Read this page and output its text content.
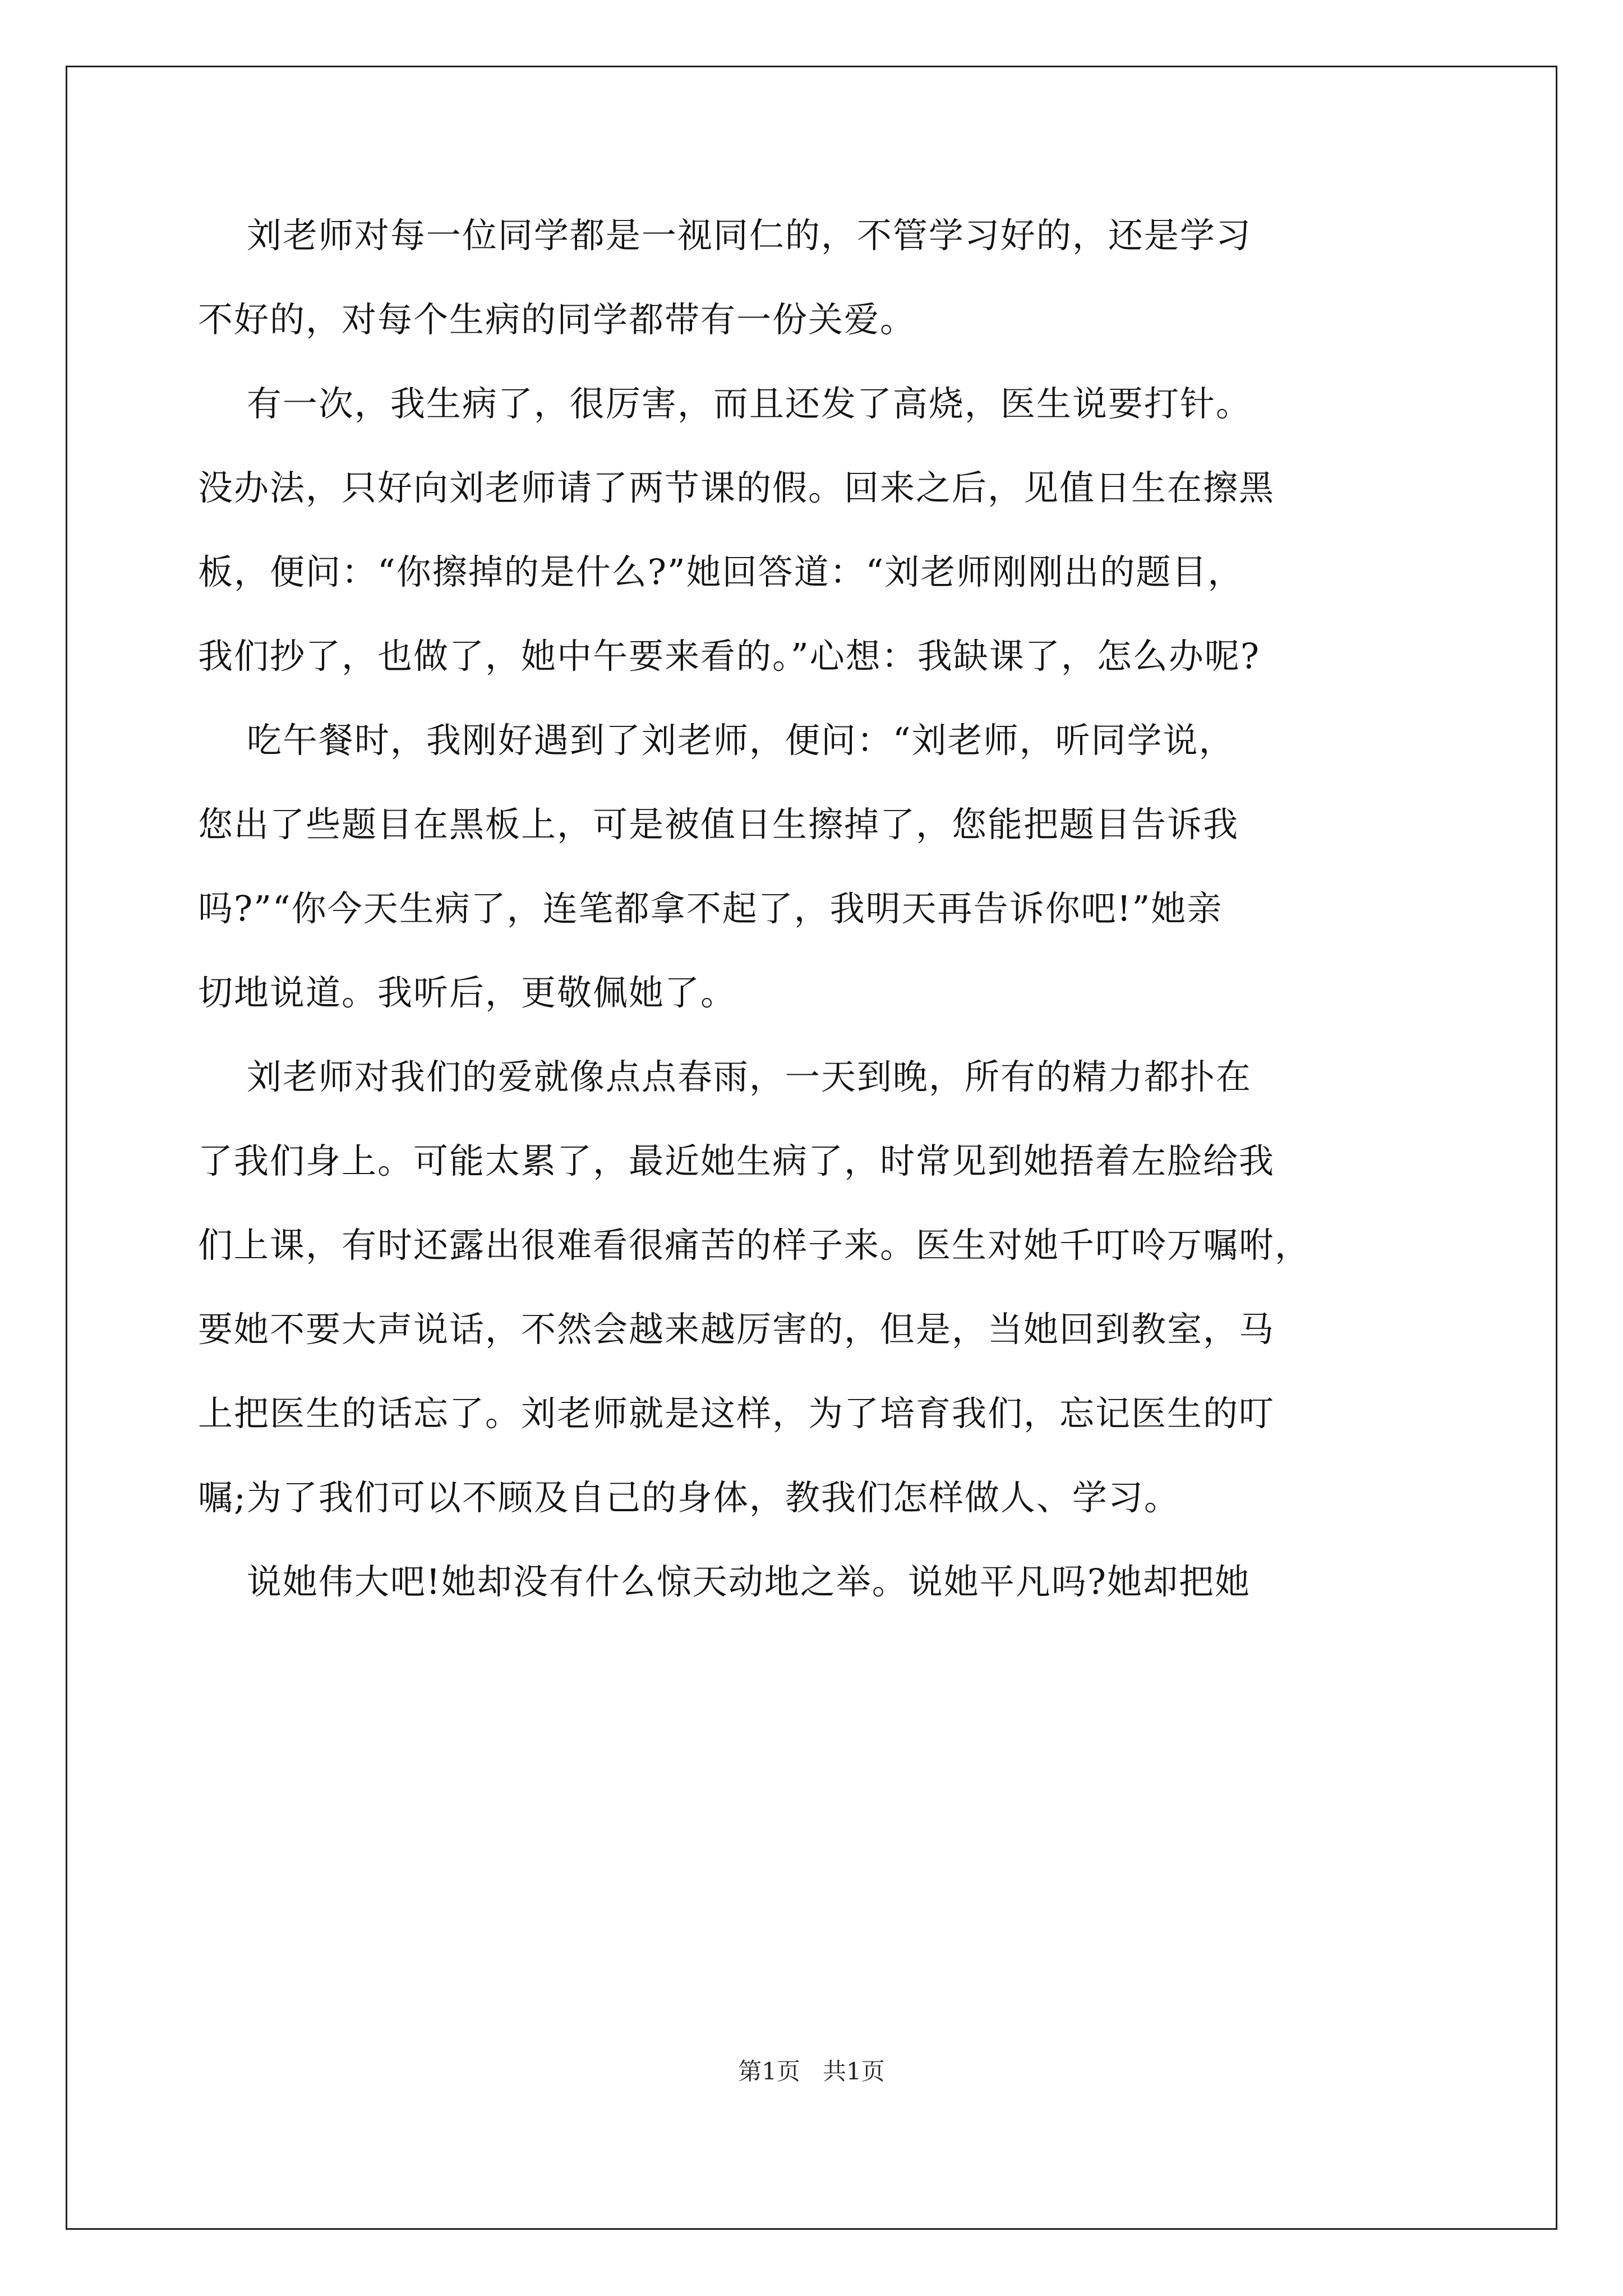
刘老师对每一位同学都是一视同仁的，不管学习好的，还是学习
不好的，对每个生病的同学都带有一份关爱。
有一次，我生病了，很厉害，而且还发了高烧，医生说要打针。
没办法，只好向刘老师请了两节课的假。回来之后，见值日生在擦黑
板，便问：“你擦掉的是什么?”她回答道：“刘老师刚刚出的题目，
我们抄了，也做了，她中午要来看的。”心想：我缺课了，怎么办呢?
吃午餐时，我刚好遇到了刘老师，便问：“刘老师，听同学说，
您出了些题目在黑板上，可是被值日生擦掉了，您能把题目告诉我
吗?”“你今天生病了，连笔都拿不起了，我明天再告诉你吧!”她亲
切地说道。我听后，更敬佩她了。
刘老师对我们的爱就像点点春雨，一天到晚，所有的精力都扑在
了我们身上。可能太累了，最近她生病了，时常见到她捂着左脸给我
们上课，有时还露出很难看很痛苦的样子来。医生对她千叮呤万嘱咐，
要她不要大声说话，不然会越来越厉害的，但是，当她回到教室，马
上把医生的话忘了。刘老师就是这样，为了培育我们，忘记医生的叮
嘱;为了我们可以不顾及自己的身体，教我们怎样做人、学习。
说她伟大吧!她却没有什么惊天动地之举。说她平凡吗?她却把她
第1页   共1页
